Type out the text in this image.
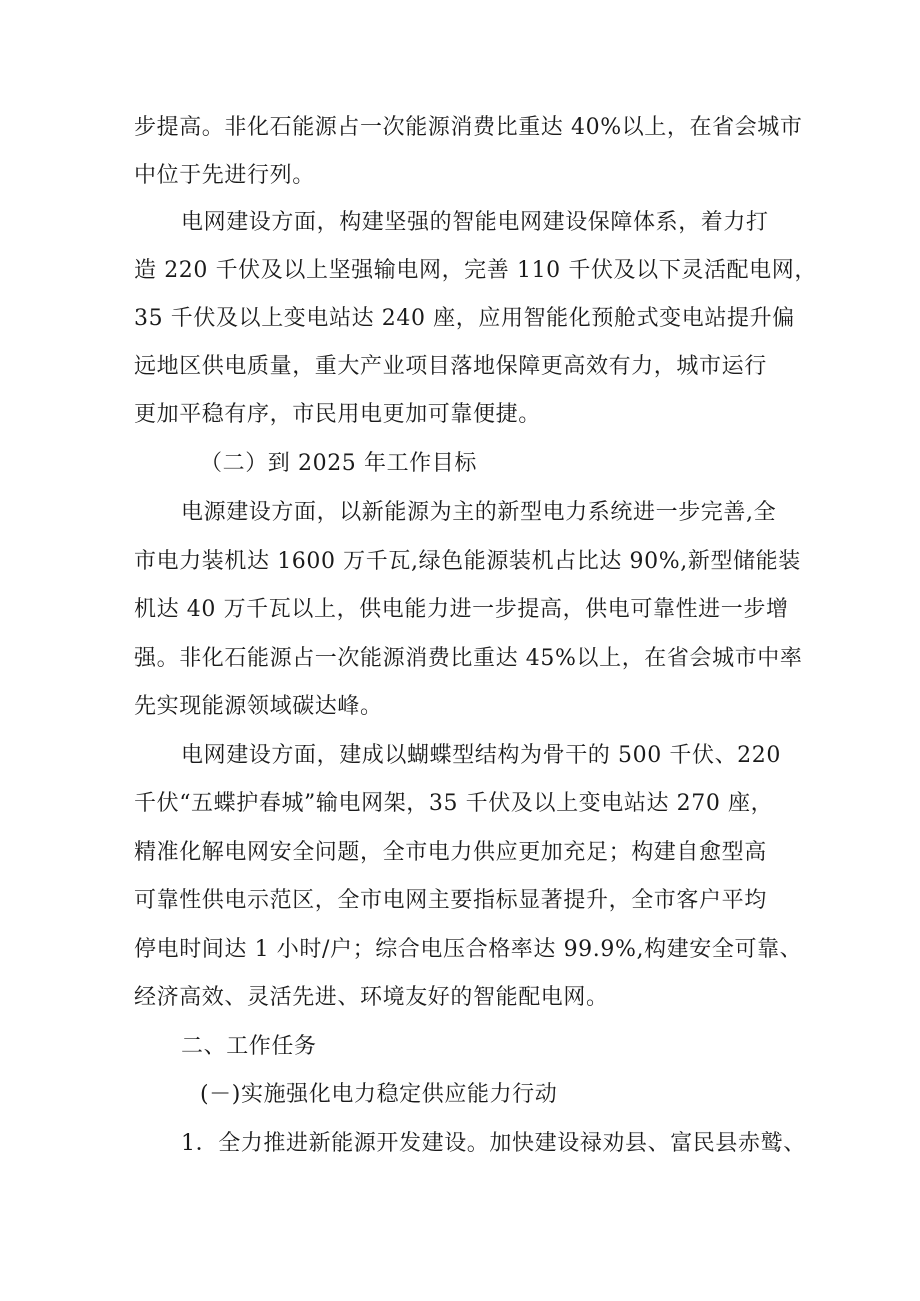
步提高。非化石能源占一次能源消费比重达 40%以上，在省会城市
中位于先进行列。
电网建设方面，构建坚强的智能电网建设保障体系，着力打
造 220 千伏及以上坚强输电网，完善 110 千伏及以下灵活配电网，
35 千伏及以上变电站达 240 座，应用智能化预舱式变电站提升偏
远地区供电质量，重大产业项目落地保障更高效有力，城市运行
更加平稳有序，市民用电更加可靠便捷。
（二）到 2025 年工作目标
电源建设方面，以新能源为主的新型电力系统进一步完善,全
市电力装机达 1600 万千瓦,绿色能源装机占比达 90%,新型储能装
机达 40 万千瓦以上，供电能力进一步提高，供电可靠性进一步增
强。非化石能源占一次能源消费比重达 45%以上，在省会城市中率
先实现能源领域碳达峰。
电网建设方面，建成以蝴蝶型结构为骨干的 500 千伏、220
千伏“五蝶护春城”输电网架，35 千伏及以上变电站达 270 座，
精准化解电网安全问题，全市电力供应更加充足；构建自愈型高
可靠性供电示范区，全市电网主要指标显著提升，全市客户平均
停电时间达 1 小时/户；综合电压合格率达 99.9%,构建安全可靠、
经济高效、灵活先进、环境友好的智能配电网。
二、工作任务
(－)实施强化电力稳定供应能力行动
1．全力推进新能源开发建设。加快建设禄劝县、富民县赤鹫、
